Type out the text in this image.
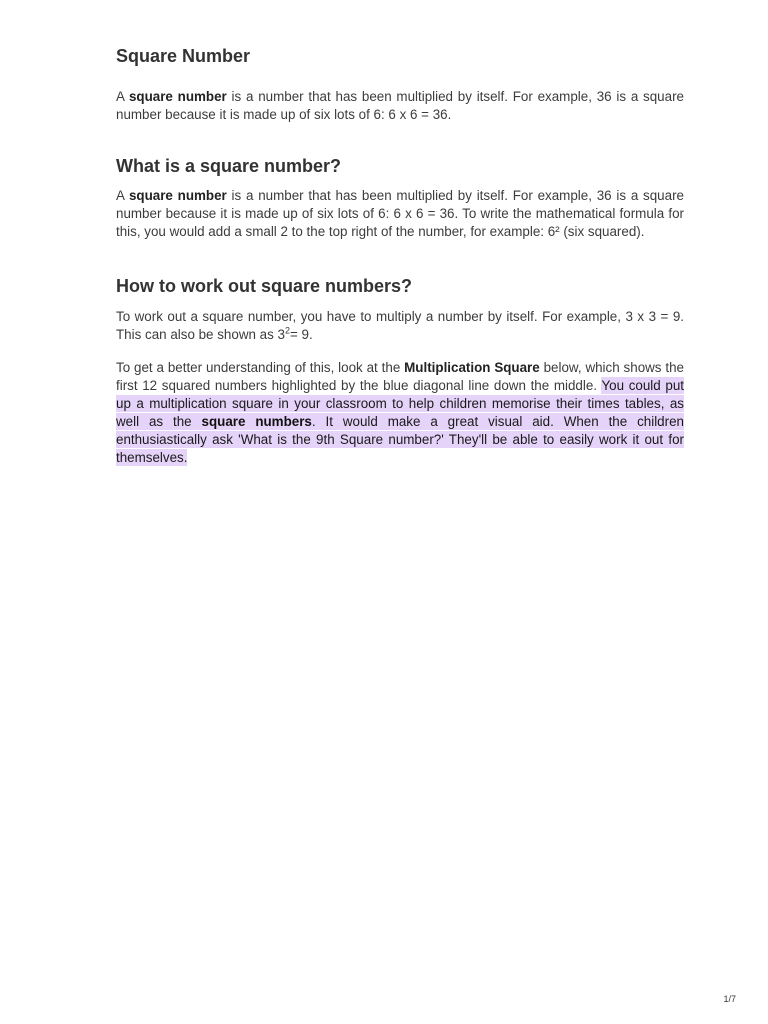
Square Number

A square number is a number that has been multiplied by itself. For example, 36 is a square number because it is made up of six lots of 6: 6 x 6 = 36.

What is a square number?

A square number is a number that has been multiplied by itself. For example, 36 is a square number because it is made up of six lots of 6: 6 x 6 = 36. To write the mathematical formula for this, you would add a small 2 to the top right of the number, for example: 6² (six squared).

How to work out square numbers?

To work out a square number, you have to multiply a number by itself. For example, 3 x 3 = 9. This can also be shown as $3^2= 9$.

To get a better understanding of this, look at the Multiplication Square below, which shows the first 12 squared numbers highlighted by the blue diagonal line down the middle. You could put up a multiplication square in your classroom to help children memorise their times tables, as well as the square numbers. It would make a great visual aid. When the children enthusiastically ask 'What is the 9th Square number?' They'll be able to easily work it out for themselves.

1/7
